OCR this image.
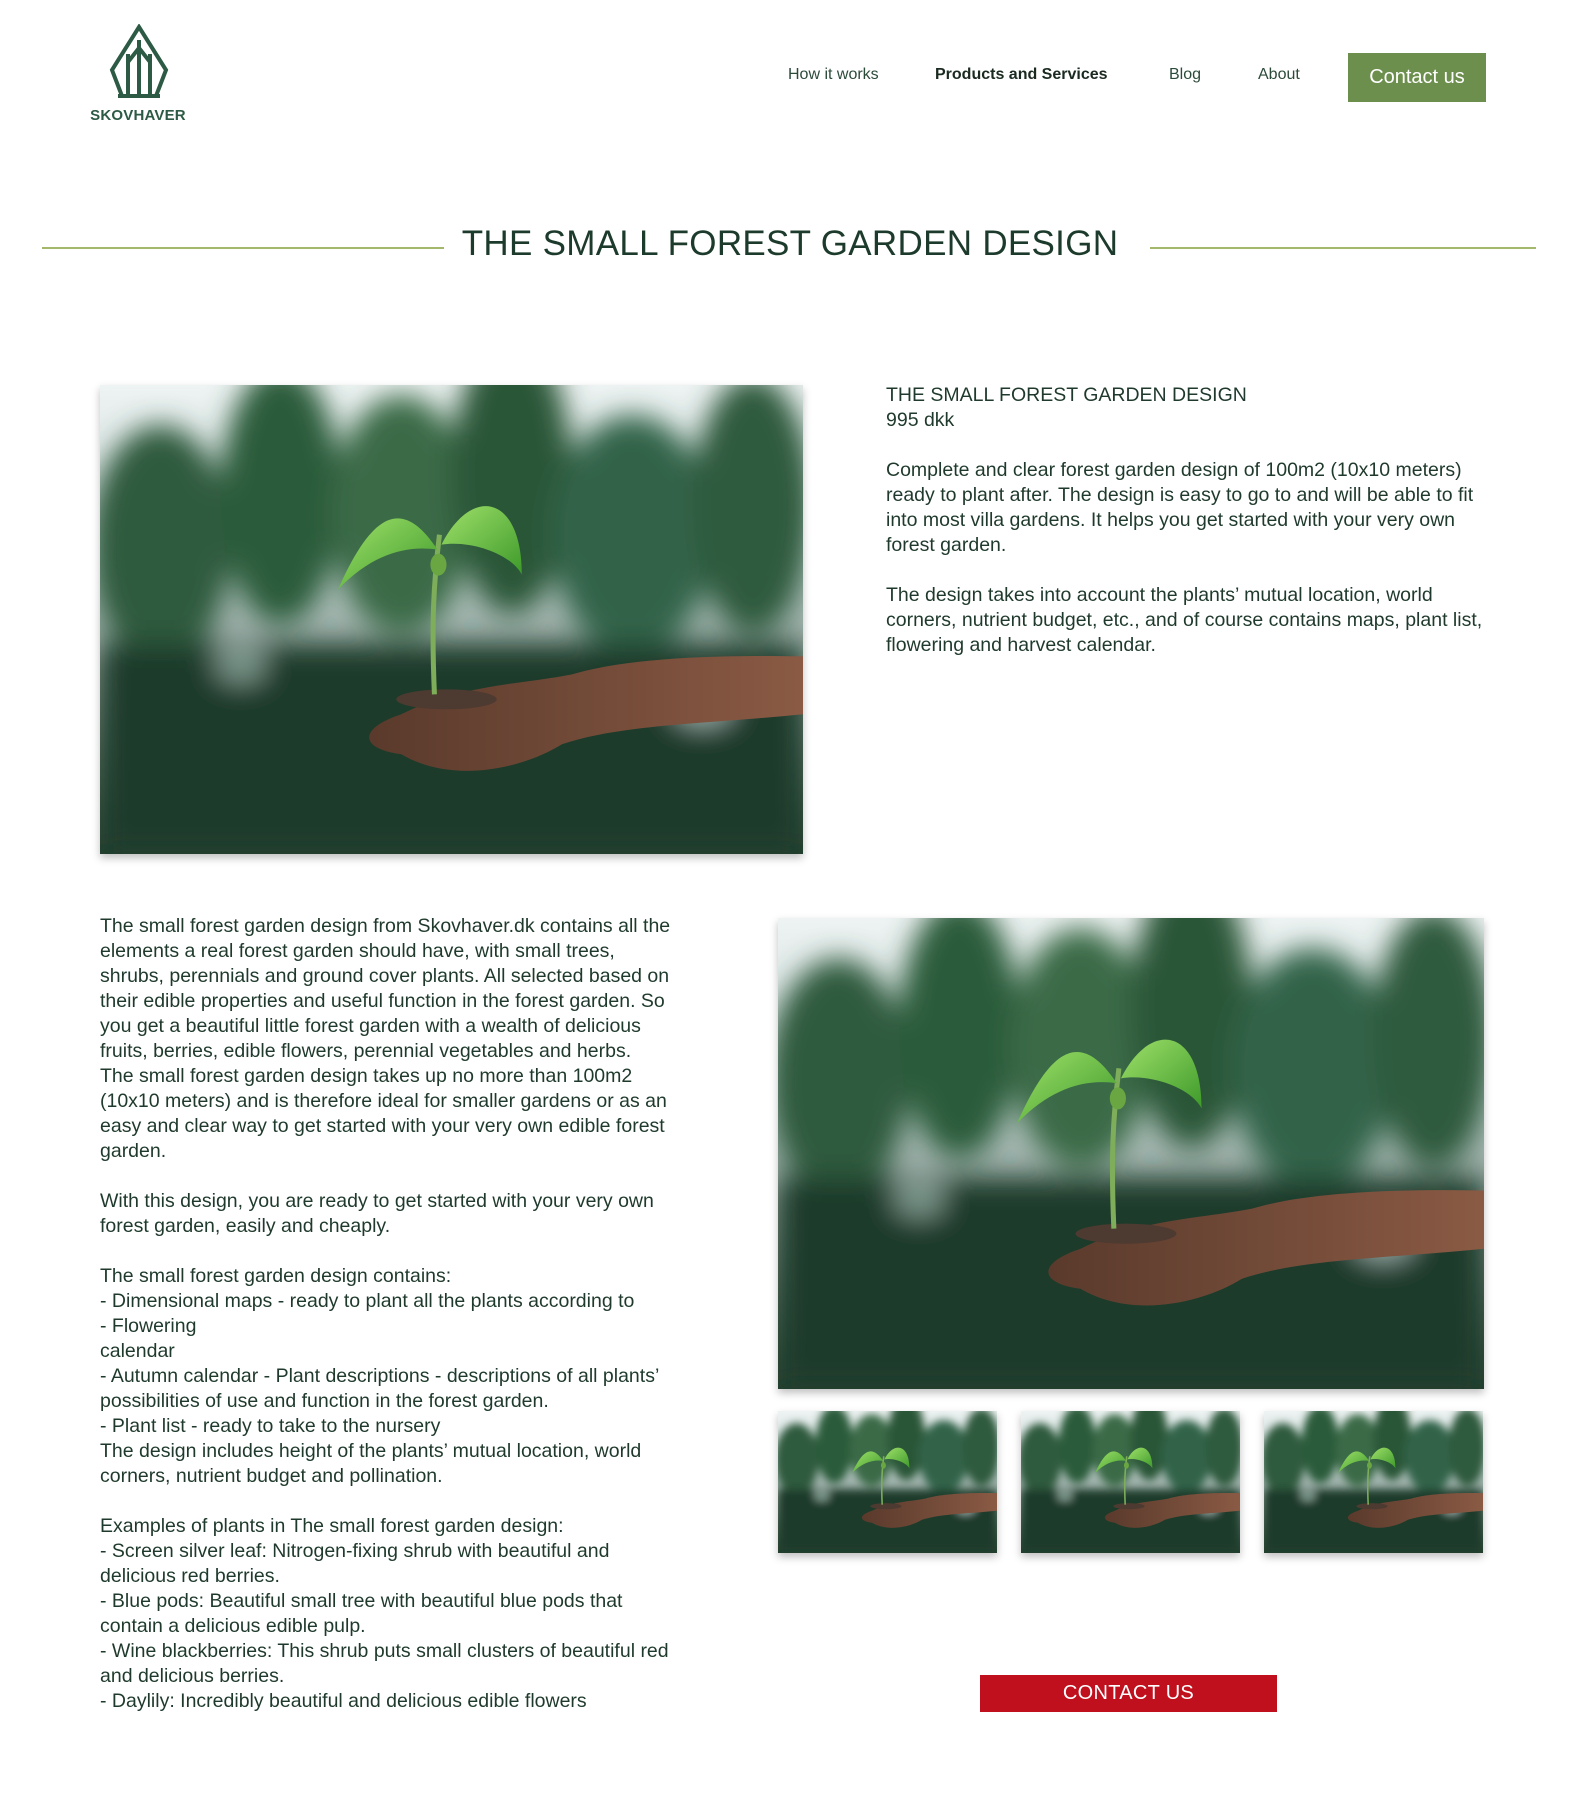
SKOVHAVER
How it works	Products and Services	Blog	About	Contact us
THE SMALL FOREST GARDEN DESIGN

THE SMALL FOREST GARDEN DESIGN

995 dkk

Complete and clear forest garden design of 100m2 (10x10 meters) ready to plant after. The design is easy to go to and will be able to fit into most villa gardens. It helps you get started with your very own forest garden.

The design takes into account the plants’ mutual location, world corners, nutrient budget, etc., and of course contains maps, plant list, flowering and harvest calendar.

The small forest garden design from Skovhaver.dk contains all the

elements a real forest garden should have, with small trees,

shrubs, perennials and ground cover plants. All selected based on

their edible properties and useful function in the forest garden. So

you get a beautiful little forest garden with a wealth of delicious

fruits, berries, edible flowers, perennial vegetables and herbs.

The small forest garden design takes up no more than 100m2

(10x10 meters) and is therefore ideal for smaller gardens or as an

easy and clear way to get started with your very own edible forest

garden.

With this design, you are ready to get started with your very own

forest garden, easily and cheaply.

The small forest garden design contains:

- Dimensional maps - ready to plant all the plants according to

- Flowering

calendar

- Autumn calendar - Plant descriptions - descriptions of all plants’

possibilities of use and function in the forest garden.

- Plant list - ready to take to the nursery

The design includes height of the plants’ mutual location, world

corners, nutrient budget and pollination.

Examples of plants in The small forest garden design:

- Screen silver leaf: Nitrogen-fixing shrub with beautiful and

delicious red berries.

- Blue pods: Beautiful small tree with beautiful blue pods that

contain a delicious edible pulp.

- Wine blackberries: This shrub puts small clusters of beautiful red

and delicious berries.

- Daylily: Incredibly beautiful and delicious edible flowers	CONTACT US
